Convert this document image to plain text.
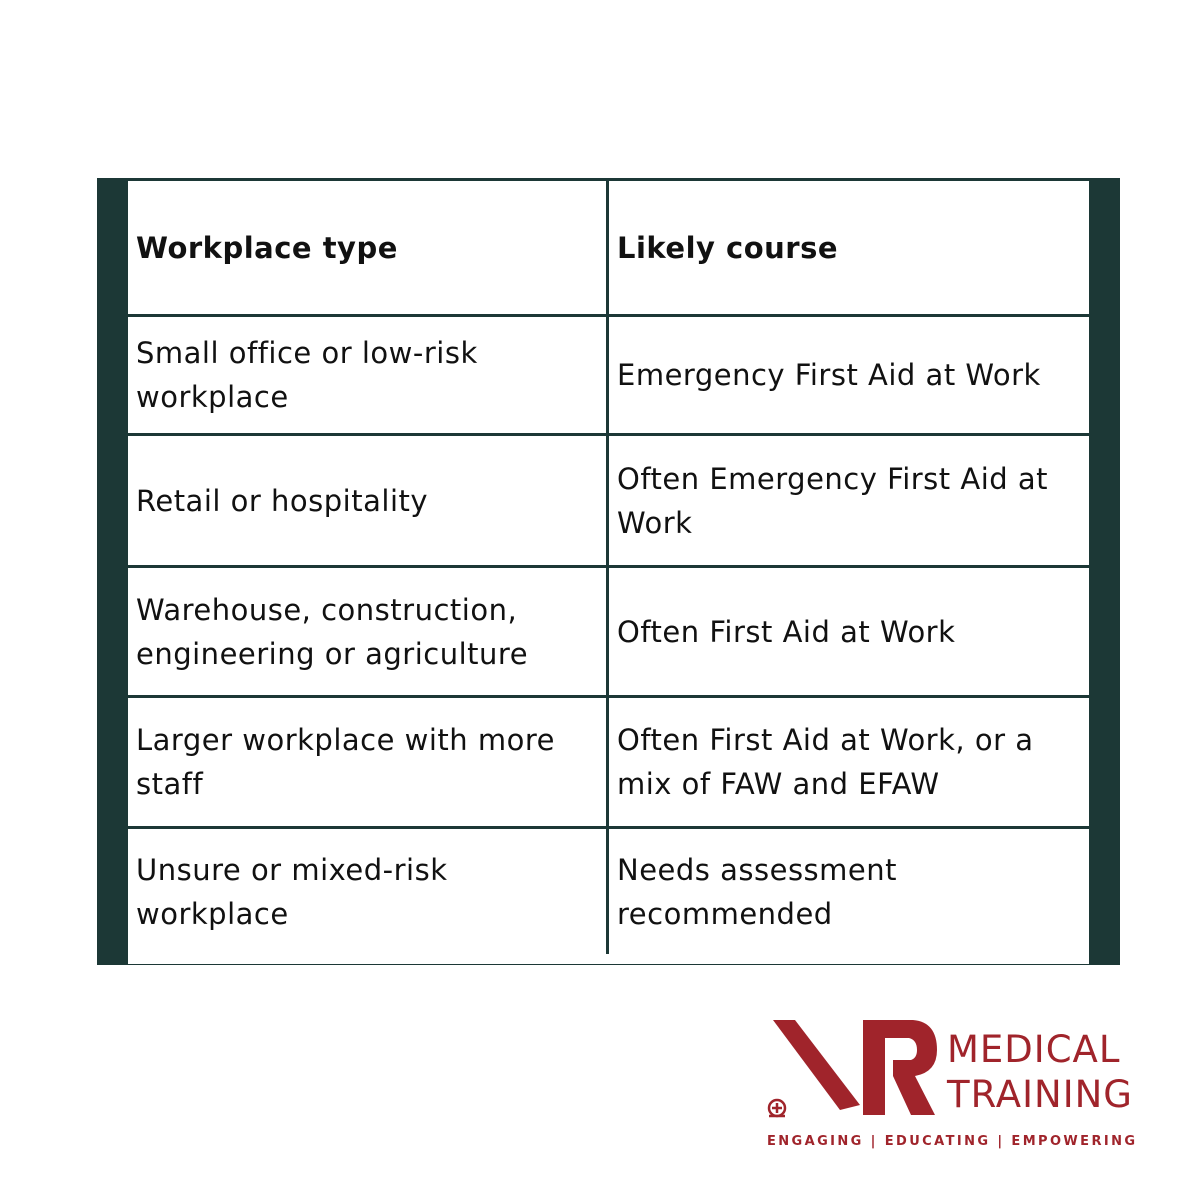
Workplace type	Likely course
Small office or low-risk workplace	Emergency First Aid at Work
Retail or hospitality	Often Emergency First Aid at Work
Warehouse, construction, engineering or agriculture	Often First Aid at Work
Larger workplace with more staff	Often First Aid at Work, or a mix of FAW and EFAW
Unsure or mixed-risk workplace	Needs assessment recommended
MEDICAL
TRAINING
ENGAGING | EDUCATING | EMPOWERING
